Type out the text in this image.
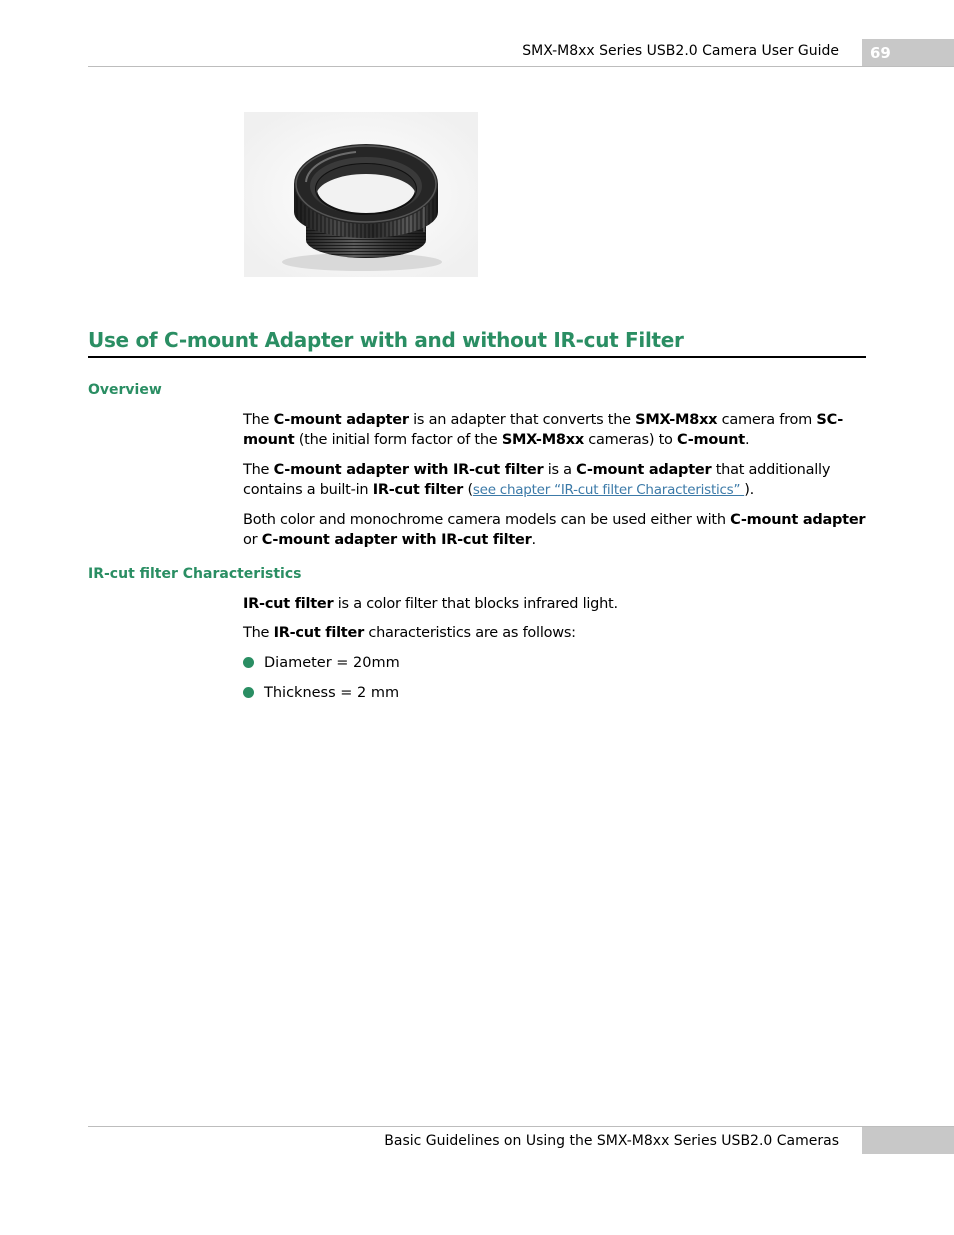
SMX-M8xx Series USB2.0 Camera User Guide 69
Use of C-mount Adapter with and without IR-cut Filter
Overview
The C-mount adapter is an adapter that converts the SMX-M8xx camera from SC-mount (the initial form factor of the SMX-M8xx cameras) to C-mount.
The C-mount adapter with IR-cut filter is a C-mount adapter that additionally contains a built-in IR-cut filter (see chapter “IR-cut filter Characteristics” ).
Both color and monochrome camera models can be used either with C-mount adapter or C-mount adapter with IR-cut filter.
IR-cut filter Characteristics
IR-cut filter is a color filter that blocks infrared light.
The IR-cut filter characteristics are as follows:
Diameter = 20mm
Thickness = 2 mm
Basic Guidelines on Using the SMX-M8xx Series USB2.0 Cameras
